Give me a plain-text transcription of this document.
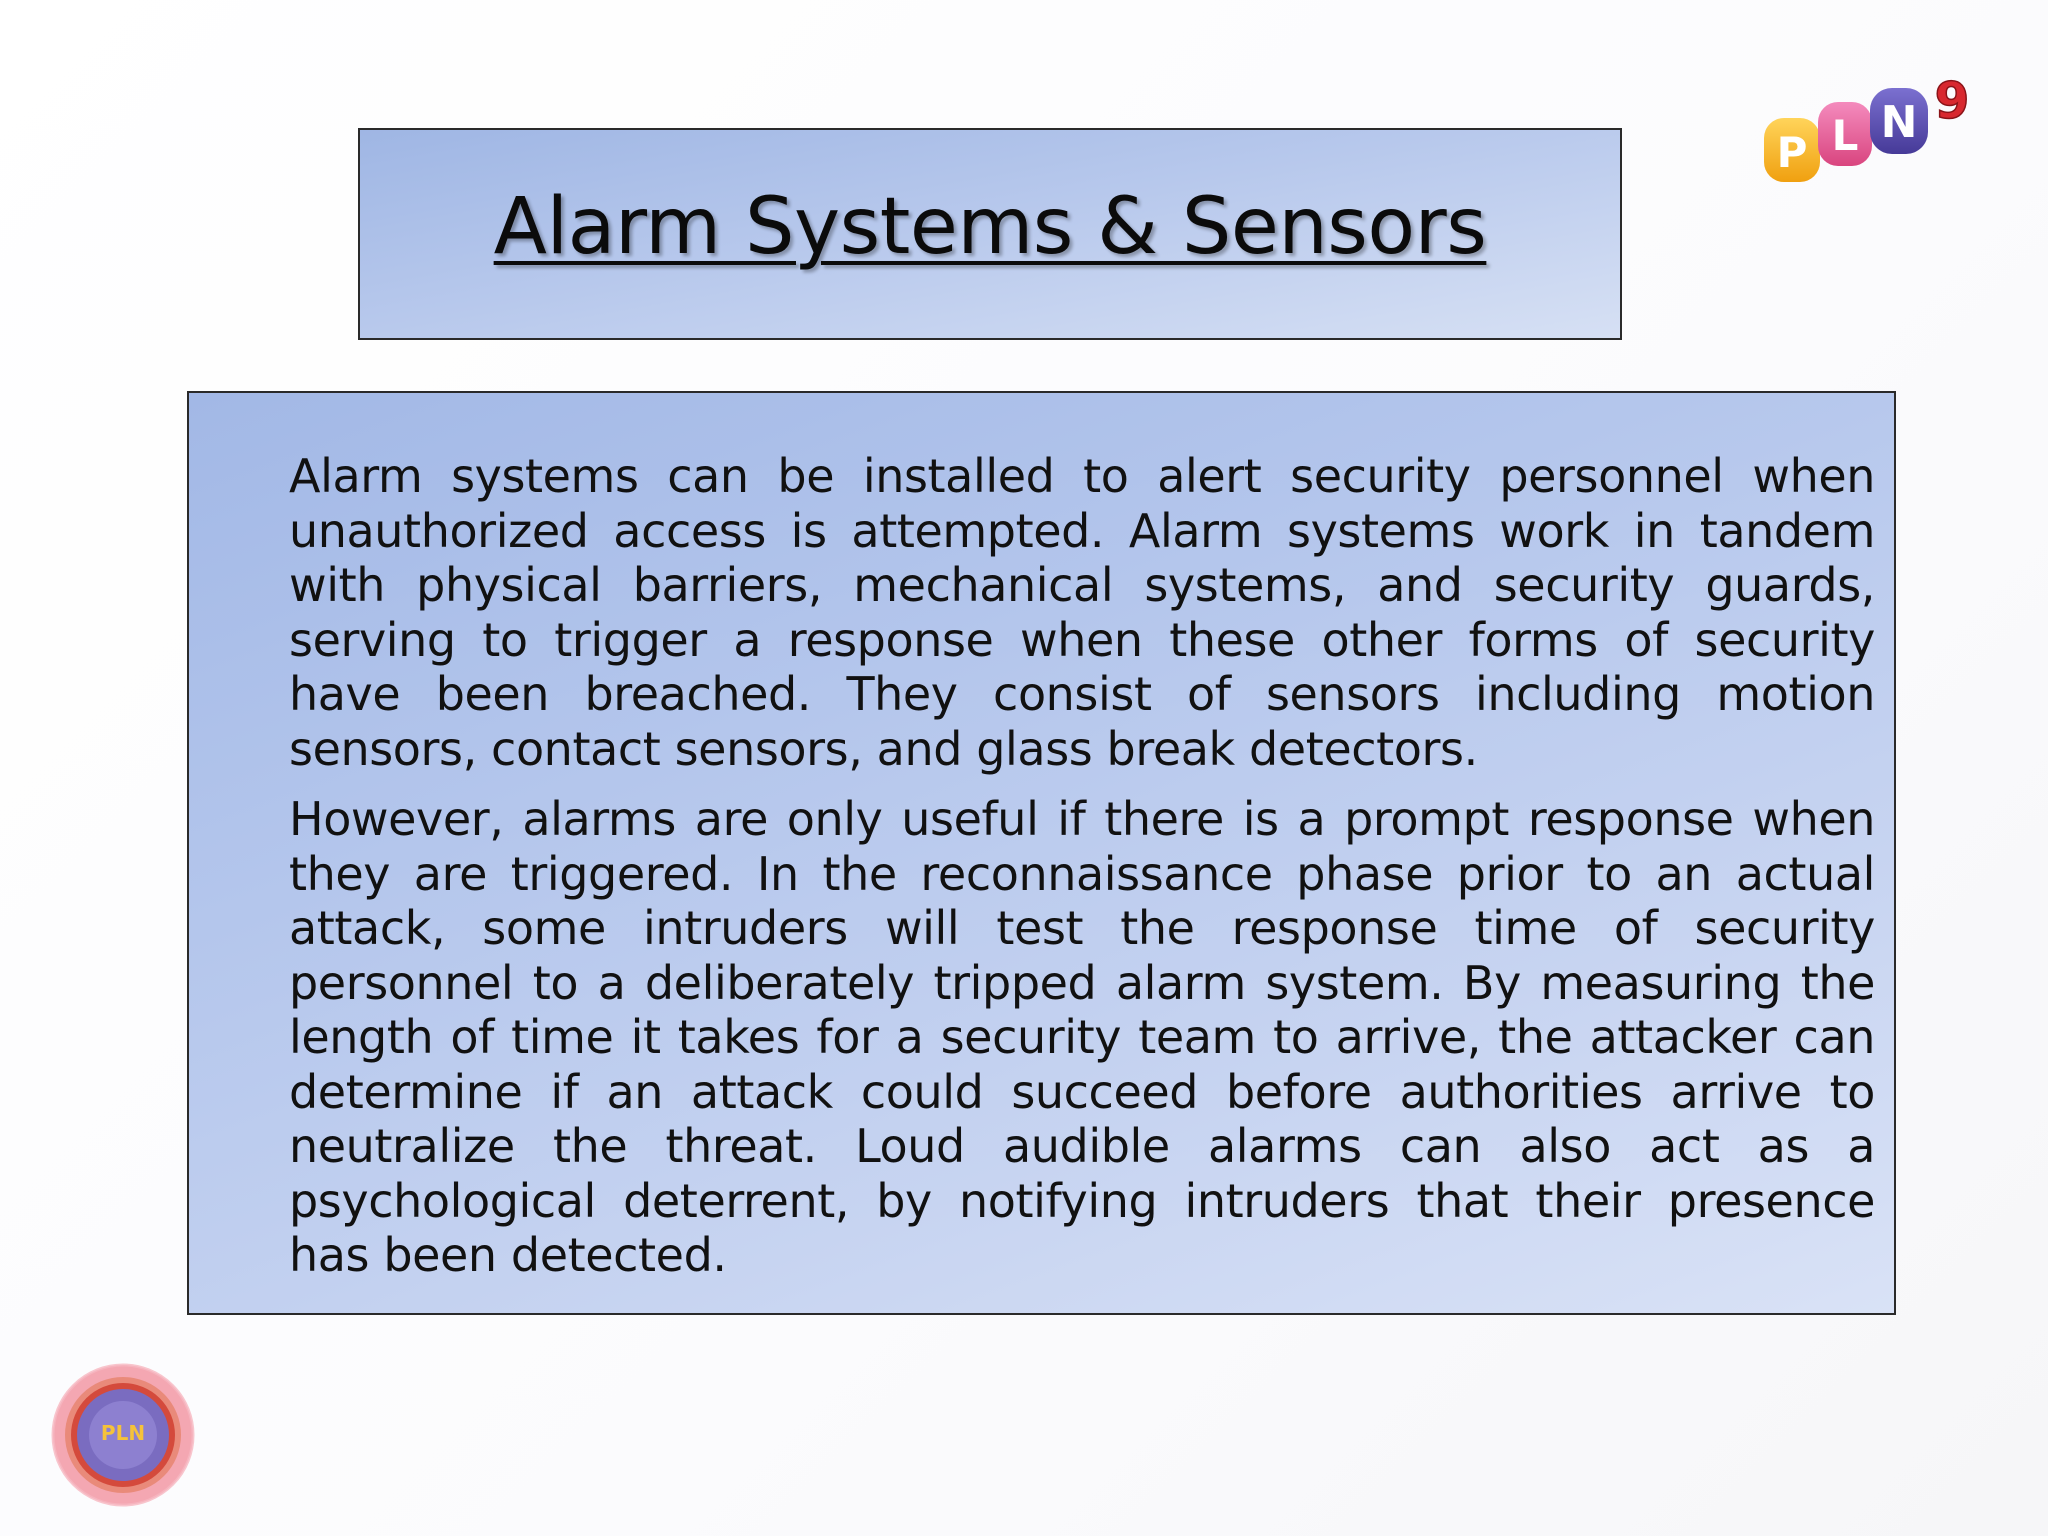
Alarm Systems & Sensors

Alarm systems can be installed to alert security personnel when unauthorized access is attempted. Alarm systems work in tandem with physical barriers, mechanical systems, and security guards, serving to trigger a response when these other forms of security have been breached. They consist of sensors including motion sensors, contact sensors, and glass break detectors.

However, alarms are only useful if there is a prompt response when they are triggered. In the reconnaissance phase prior to an actual attack, some intruders will test the response time of security personnel to a deliberately tripped alarm system. By measuring the length of time it takes for a security team to arrive, the attacker can determine if an attack could succeed before authorities arrive to neutralize the threat. Loud audible alarms can also act as a psychological deterrent, by notifying intruders that their presence has been detected.

P L N 9
PLN
